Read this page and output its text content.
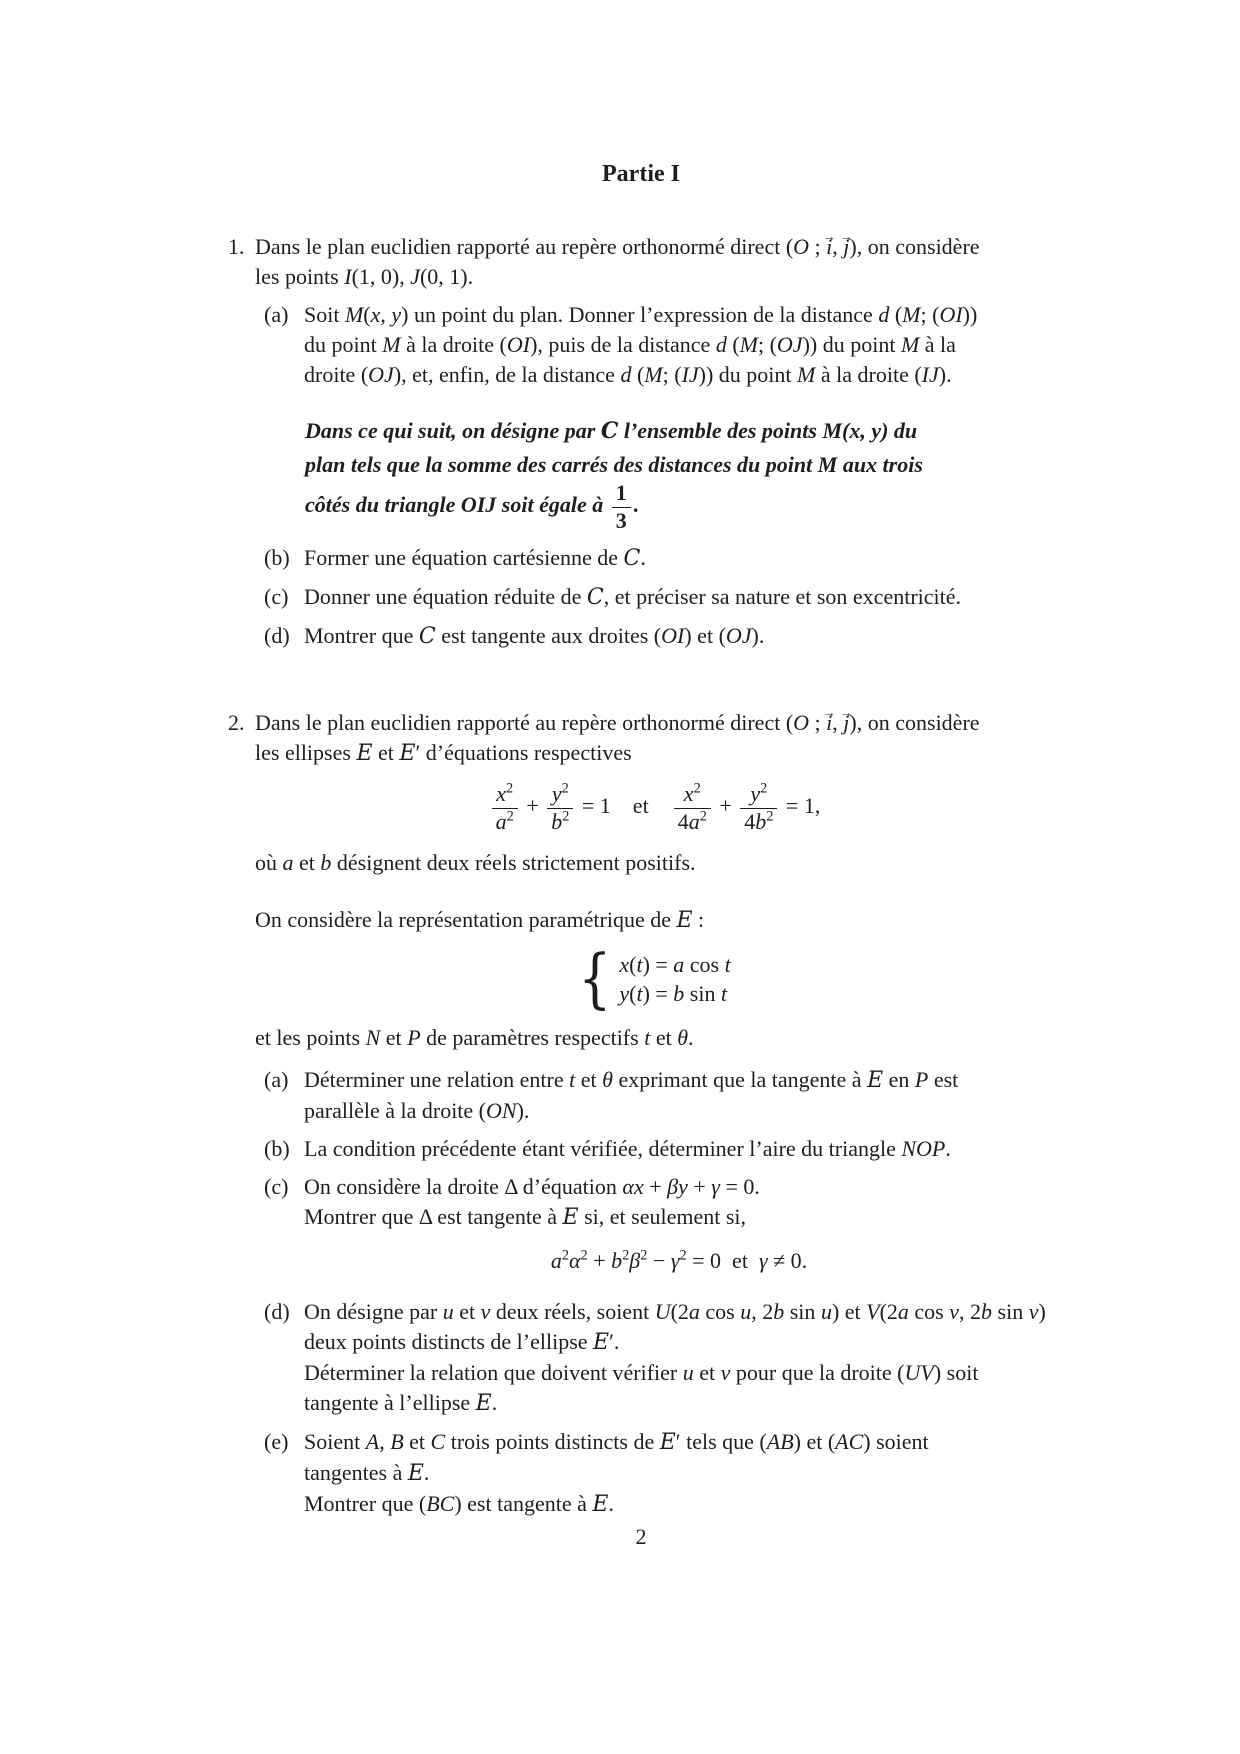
Partie I
1. Dans le plan euclidien rapporté au repère orthonormé direct (O ; i →, j →), on considère
les points I(1, 0), J(0, 1).
(a) Soit M(x, y) un point du plan. Donner l’expression de la distance d (M; (OI))
du point M à la droite (OI), puis de la distance d (M; (OJ)) du point M à la
droite (OJ), et, enfin, de la distance d (M; (IJ)) du point M à la droite (IJ).
Dans ce qui suit, on désigne par C l’ensemble des points M(x, y) du
plan tels que la somme des carrés des distances du point M aux trois
côtés du triangle OIJ soit égale à $\frac{1}{3}$ .
(b) Former une équation cartésienne de C.
(c) Donner une équation réduite de C, et préciser sa nature et son excentricité.
(d) Montrer que C est tangente aux droites (OI) et (OJ).
2. Dans le plan euclidien rapporté au repère orthonormé direct (O ; i →, j →), on considère
les ellipses E et E′ d’équations respectives
$\frac{x^2}{a^2} + \frac{y^2}{b^2} = 1$ et  $\frac{x^2}{4a^2} + \frac{y^2}{4b^2} = 1$,
où a et b désignent deux réels strictement positifs.
On considère la représentation paramétrique de E :
{
x(t) = a cos t
y(t) = b sin t
et les points N et P de paramètres respectifs t et θ.
(a) Déterminer une relation entre t et θ exprimant que la tangente à E en P est
parallèle à la droite (ON).
(b) La condition précédente étant vérifiée, déterminer l’aire du triangle NOP.
(c) On considère la droite Δ d’équation αx + βy + γ = 0.
Montrer que Δ est tangente à E si, et seulement si,
$a^2\alpha^2 + b^2\beta^2 - \gamma^2 = 0$ et γ ≠ 0.
(d) On désigne par u et v deux réels, soient U(2a cos u, 2b sin u) et V(2a cos v, 2b sin v)
deux points distincts de l’ellipse E′.
Déterminer la relation que doivent vérifier u et v pour que la droite (UV) soit
tangente à l’ellipse E.
(e) Soient A, B et C trois points distincts de E′ tels que (AB) et (AC) soient
tangentes à E.
Montrer que (BC) est tangente à E.
2
